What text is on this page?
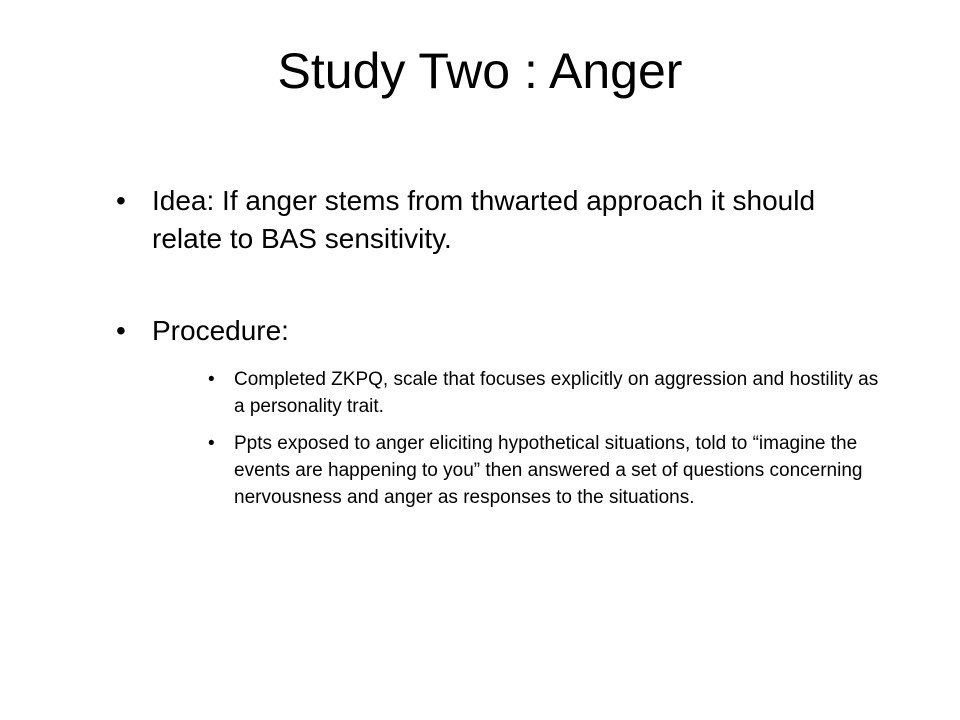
Study Two : Anger
• Idea: If anger stems from thwarted approach it should relate to BAS sensitivity.
• Procedure:
• Completed ZKPQ, scale that focuses explicitly on aggression and hostility as a personality trait.
• Ppts exposed to anger eliciting hypothetical situations, told to “imagine the events are happening to you” then answered a set of questions concerning nervousness and anger as responses to the situations.
